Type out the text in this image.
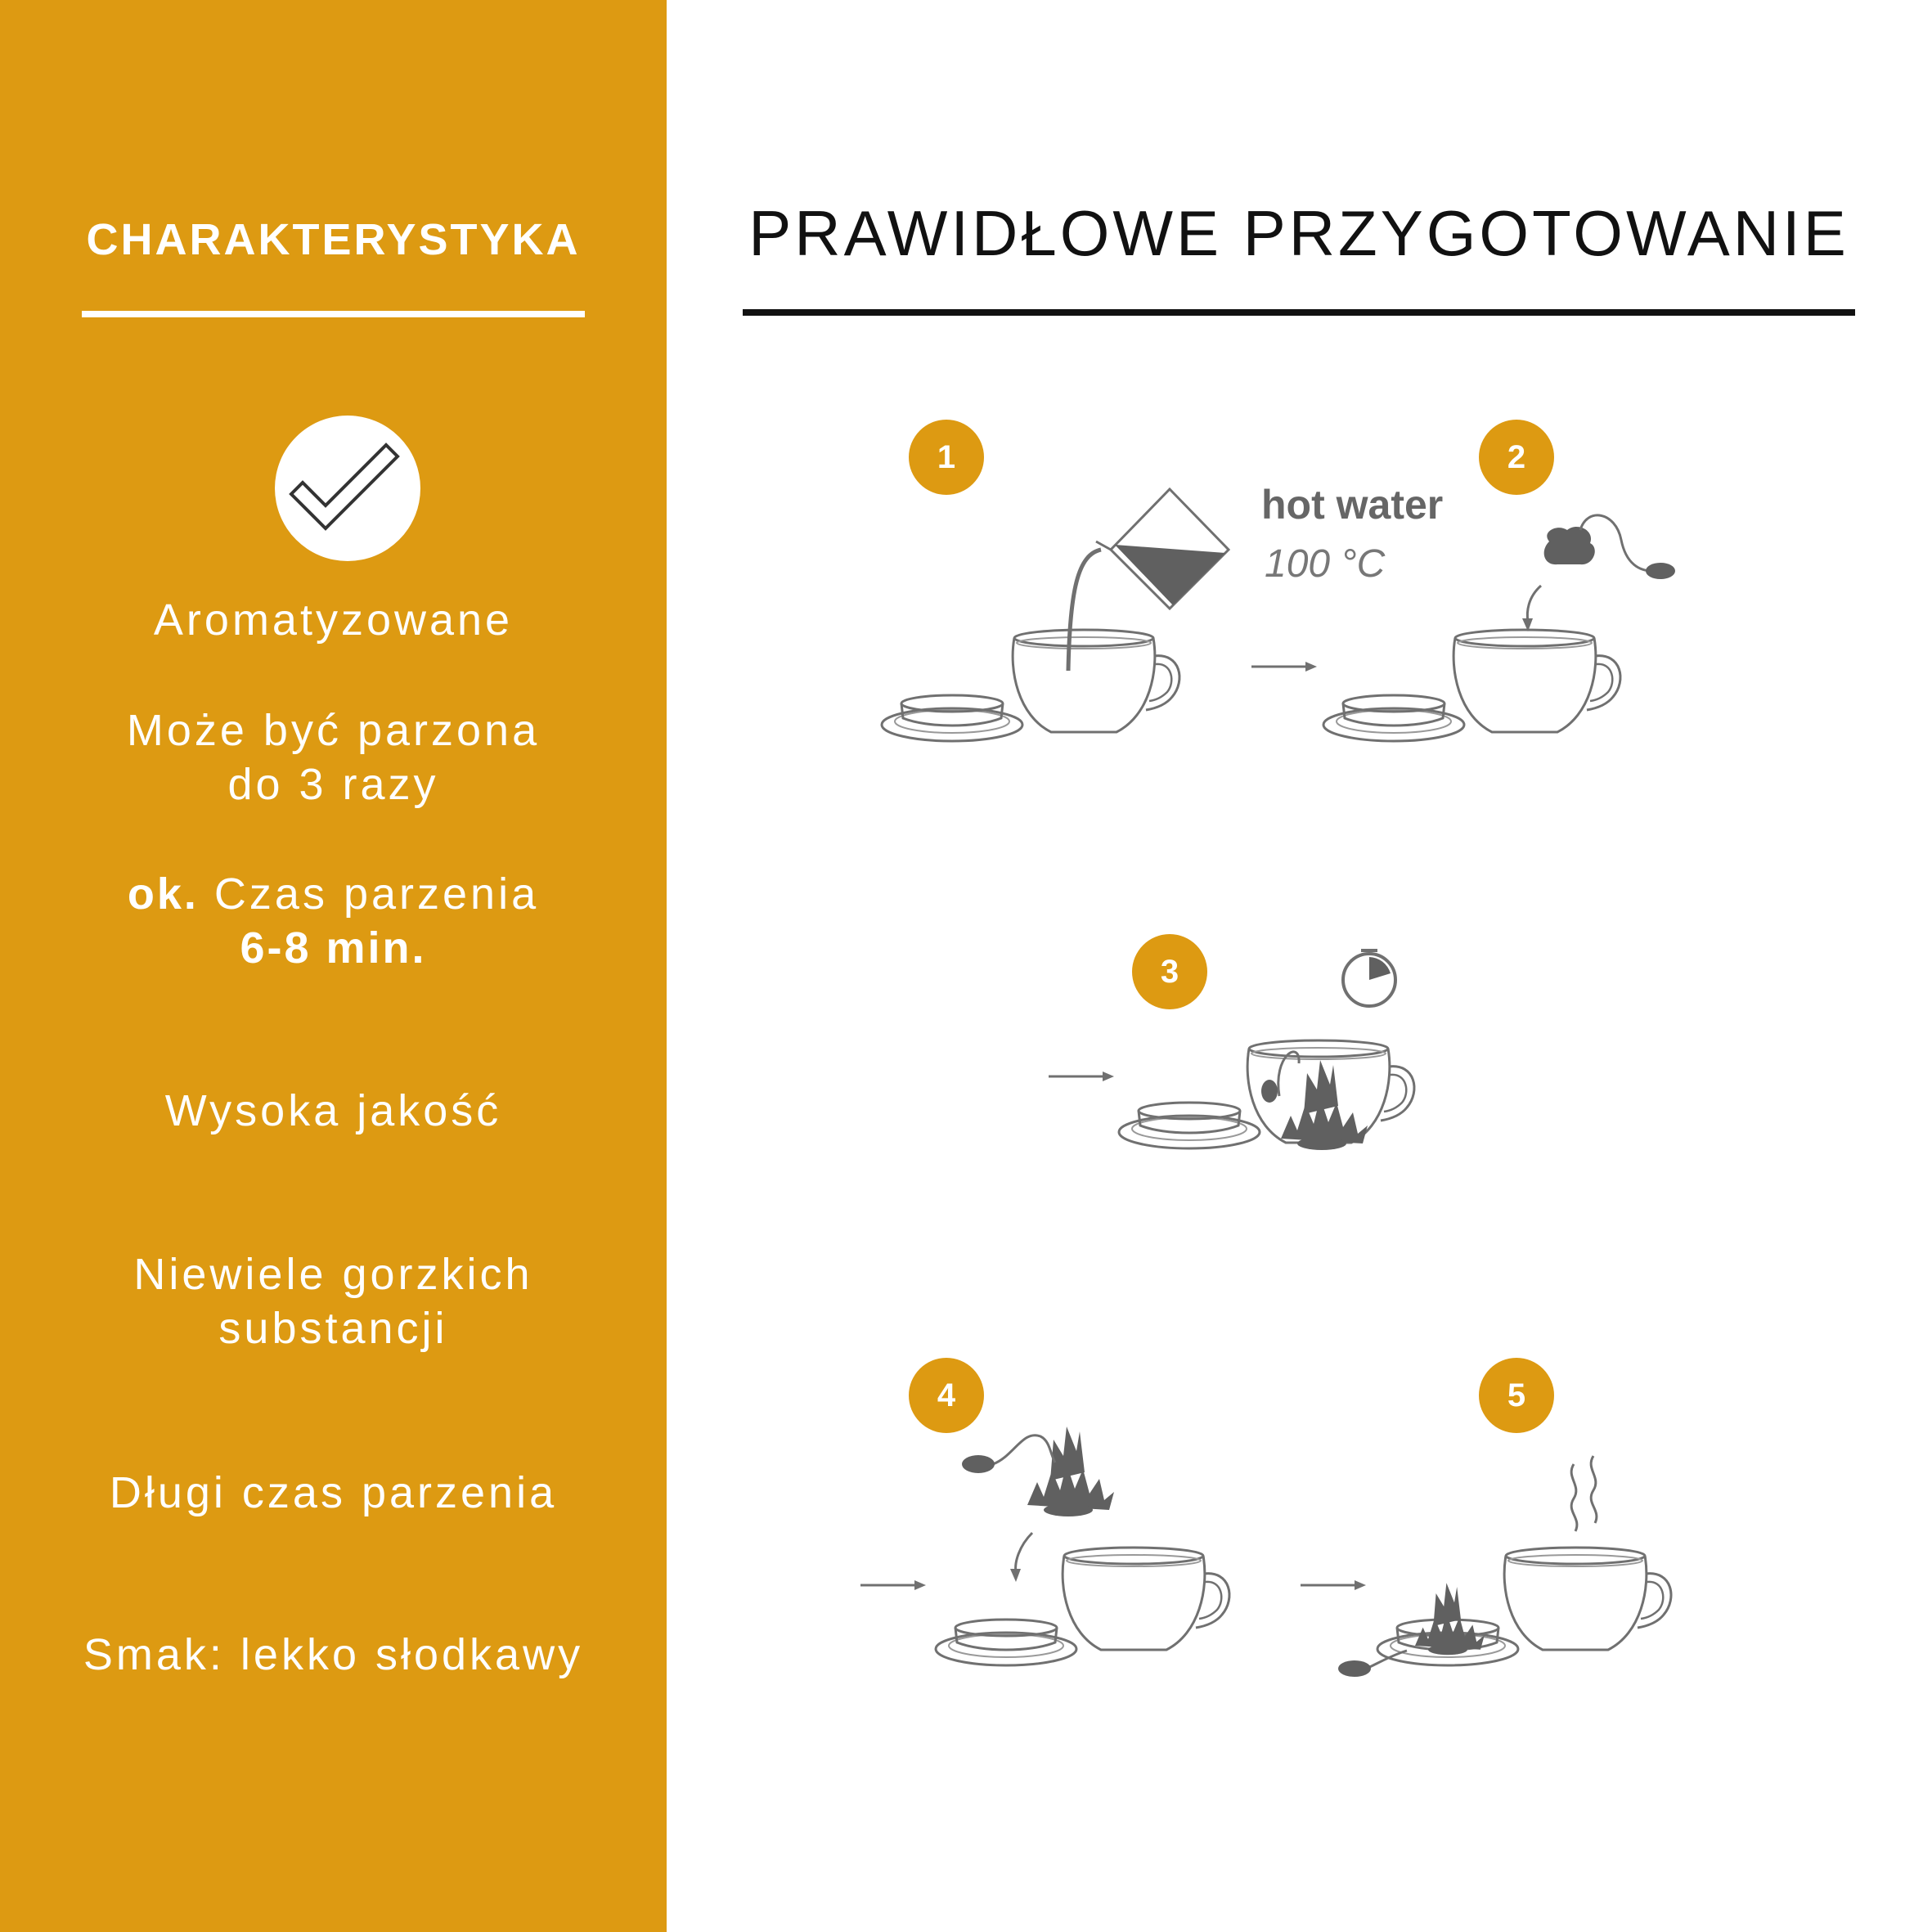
CHARAKTERYSTYKA
Aromatyzowane
Może być parzona
do 3 razy
ok. Czas parzenia
6-8 min.
Wysoka jakość
Niewiele gorzkich
substancji
Długi czas parzenia
Smak: lekko słodkawy
PRAWIDŁOWE PRZYGOTOWANIE
1	2
3
4	5
hot water
100 °C
